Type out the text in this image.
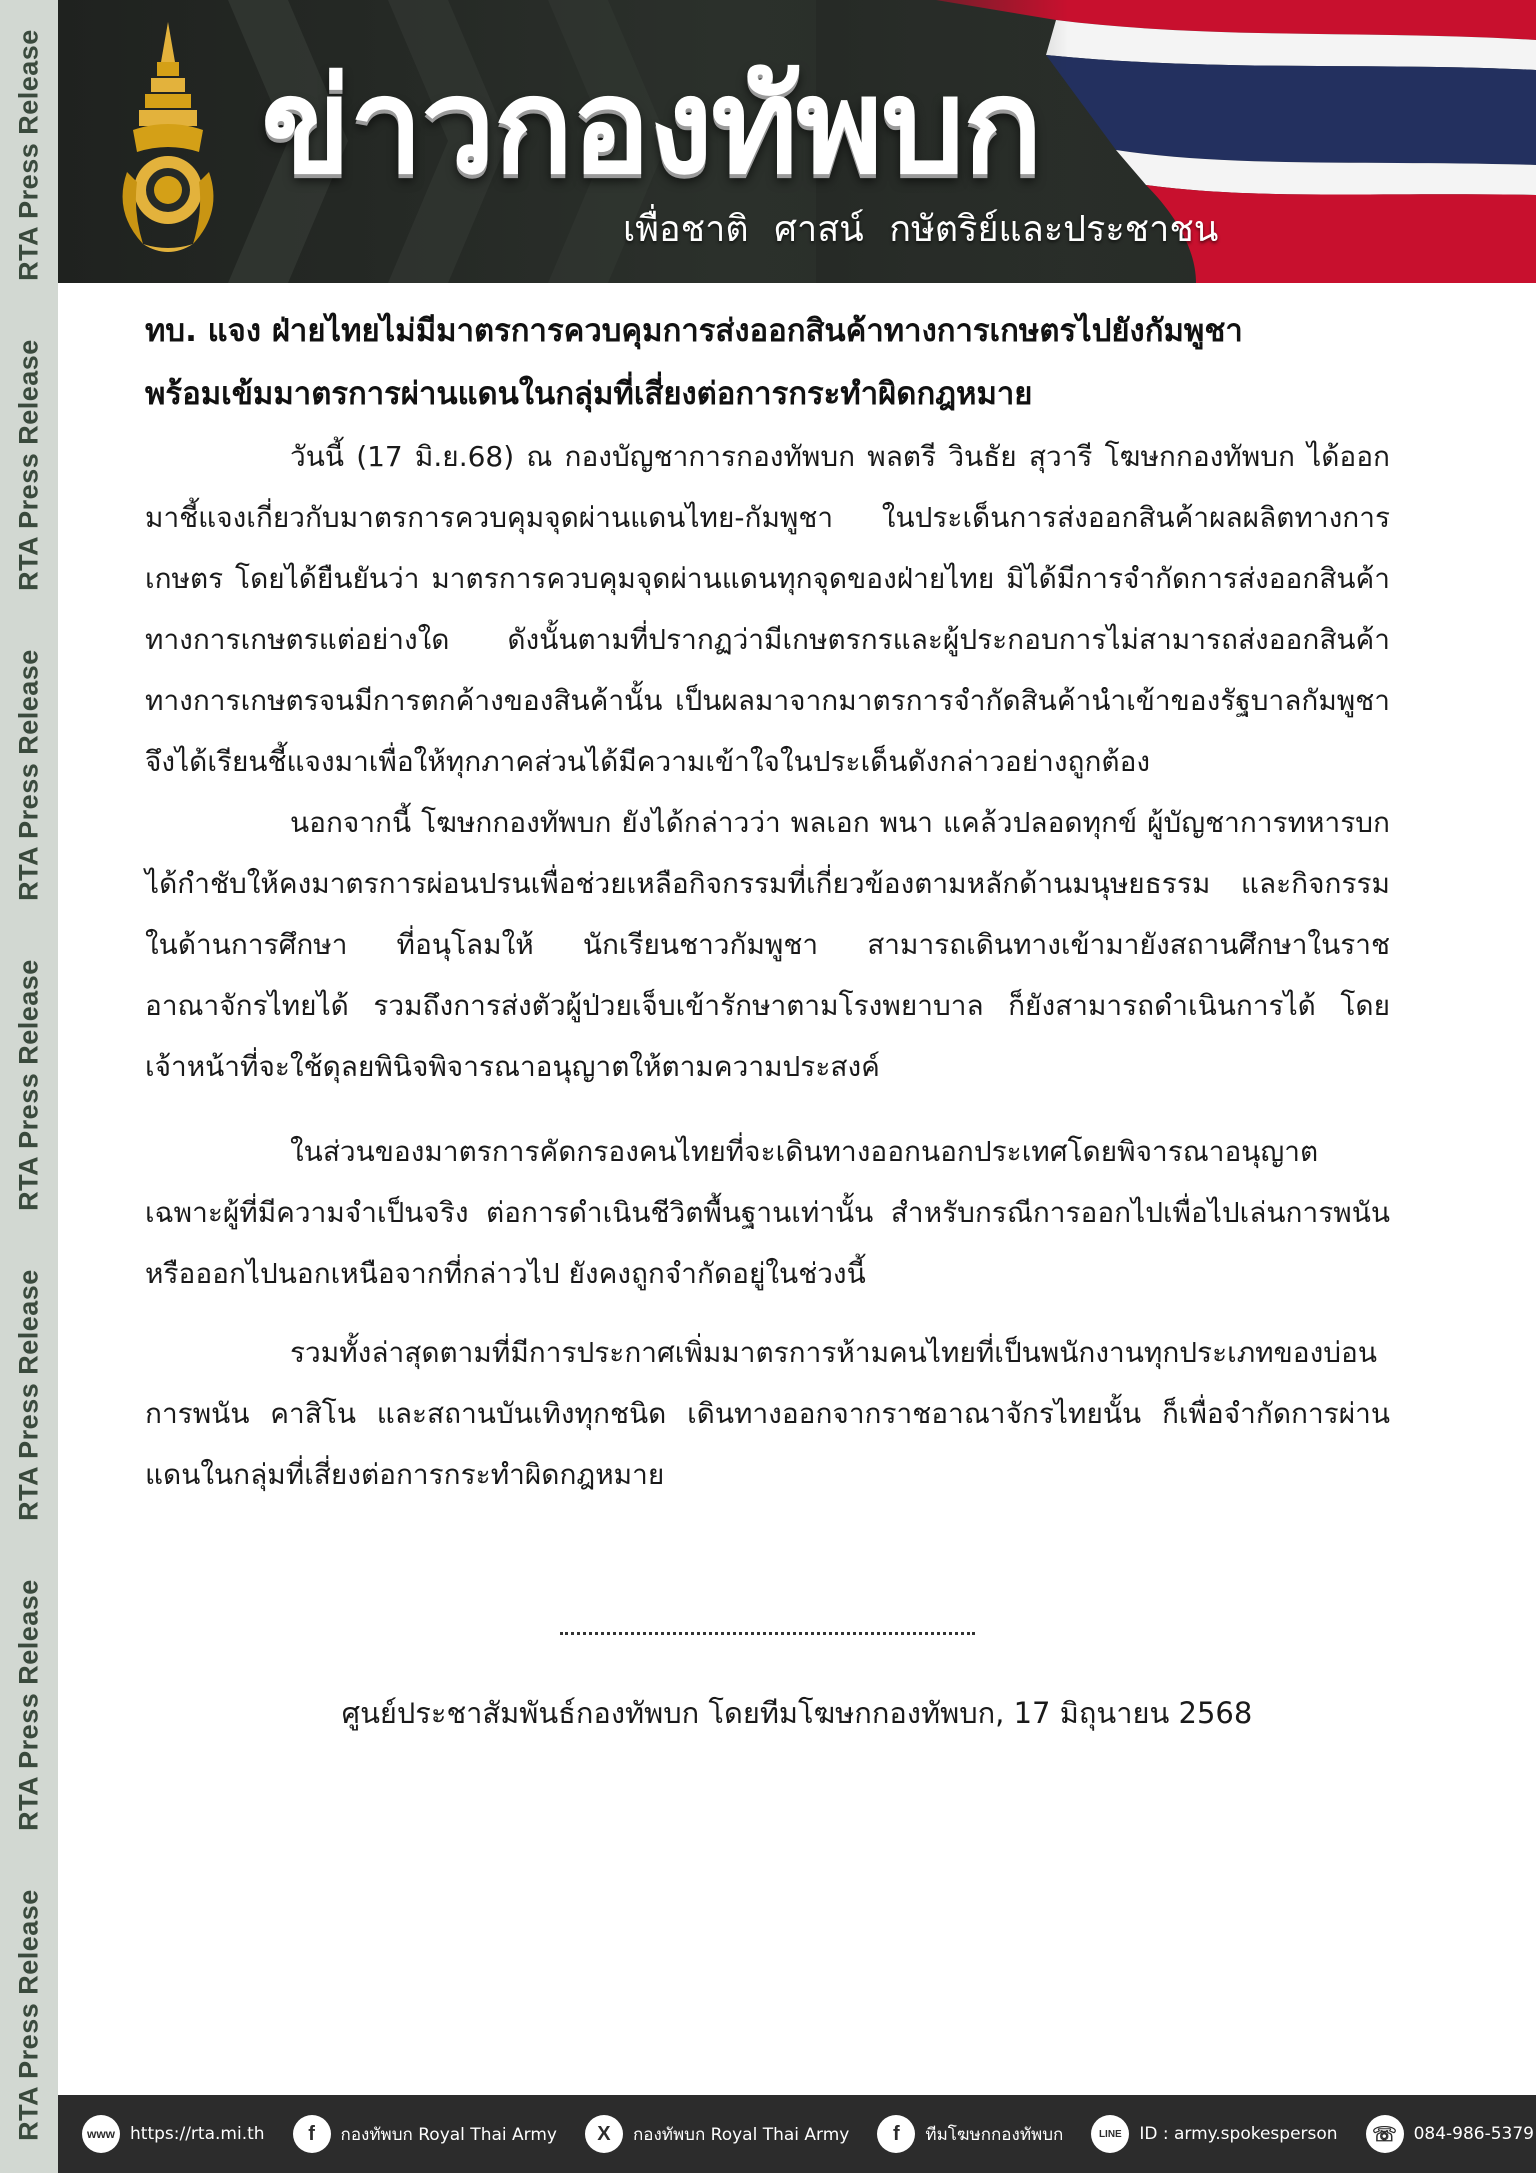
RTA Press Release
RTA Press Release
RTA Press Release
RTA Press Release
RTA Press Release
RTA Press Release
RTA Press Release ข่าวกองทัพบก
เพื่อชาติ ศาสน์ กษัตริย์และประชาชน

ทบ. แจง ฝ่ายไทยไม่มีมาตรการควบคุมการส่งออกสินค้าทางการเกษตรไปยังกัมพูชา

พร้อมเข้มมาตรการผ่านแดนในกลุ่มที่เสี่ยงต่อการกระทำผิดกฎหมาย

วันนี้ (17 มิ.ย.68) ณ กองบัญชาการกองทัพบก พลตรี วินธัย สุวารี โฆษกกองทัพบก ได้ออกมาชี้แจงเกี่ยวกับมาตรการควบคุมจุดผ่านแดนไทย-กัมพูชา ในประเด็นการส่งออกสินค้าผลผลิตทางการเกษตร โดยได้ยืนยันว่า มาตรการควบคุมจุดผ่านแดนทุกจุดของฝ่ายไทย มิได้มีการจำกัดการส่งออกสินค้าทางการเกษตรแต่อย่างใด ดังนั้นตามที่ปรากฏว่ามีเกษตรกรและผู้ประกอบการไม่สามารถส่งออกสินค้าทางการเกษตรจนมีการตกค้างของสินค้านั้น เป็นผลมาจากมาตรการจำกัดสินค้านำเข้าของรัฐบาลกัมพูชา จึงได้เรียนชี้แจงมาเพื่อให้ทุกภาคส่วนได้มีความเข้าใจในประเด็นดังกล่าวอย่างถูกต้อง

นอกจากนี้ โฆษกกองทัพบก ยังได้กล่าวว่า พลเอก พนา แคล้วปลอดทุกข์ ผู้บัญชาการทหารบก ได้กำชับให้คงมาตรการผ่อนปรนเพื่อช่วยเหลือกิจกรรมที่เกี่ยวข้องตามหลักด้านมนุษยธรรม และกิจกรรมในด้านการศึกษา ที่อนุโลมให้ นักเรียนชาวกัมพูชา สามารถเดินทางเข้ามายังสถานศึกษาในราชอาณาจักรไทยได้ รวมถึงการส่งตัวผู้ป่วยเจ็บเข้ารักษาตามโรงพยาบาล ก็ยังสามารถดำเนินการได้ โดย เจ้าหน้าที่จะใช้ดุลยพินิจพิจารณาอนุญาตให้ตามความประสงค์

ในส่วนของมาตรการคัดกรองคนไทยที่จะเดินทางออกนอกประเทศโดยพิจารณาอนุญาตเฉพาะผู้ที่มีความจำเป็นจริง ต่อการดำเนินชีวิตพื้นฐานเท่านั้น สำหรับกรณีการออกไปเพื่อไปเล่นการพนัน หรือออกไปนอกเหนือจากที่กล่าวไป ยังคงถูกจำกัดอยู่ในช่วงนี้

รวมทั้งล่าสุดตามที่มีการประกาศเพิ่มมาตรการห้ามคนไทยที่เป็นพนักงานทุกประเภทของบ่อนการพนัน คาสิโน และสถานบันเทิงทุกชนิด เดินทางออกจากราชอาณาจักรไทยนั้น ก็เพื่อจำกัดการผ่านแดนในกลุ่มที่เสี่ยงต่อการกระทำผิดกฎหมาย

ศูนย์ประชาสัมพันธ์กองทัพบก โดยทีมโฆษกกองทัพบก, 17 มิถุนายน 2568
www https://rta.mi.th	f	กองทัพบก Royal Thai Army	X	กองทัพบก Royal Thai Army	f	ทีมโฆษกกองทัพบก	LINE	ID : army.spokesperson	☏ 084-986-5379
